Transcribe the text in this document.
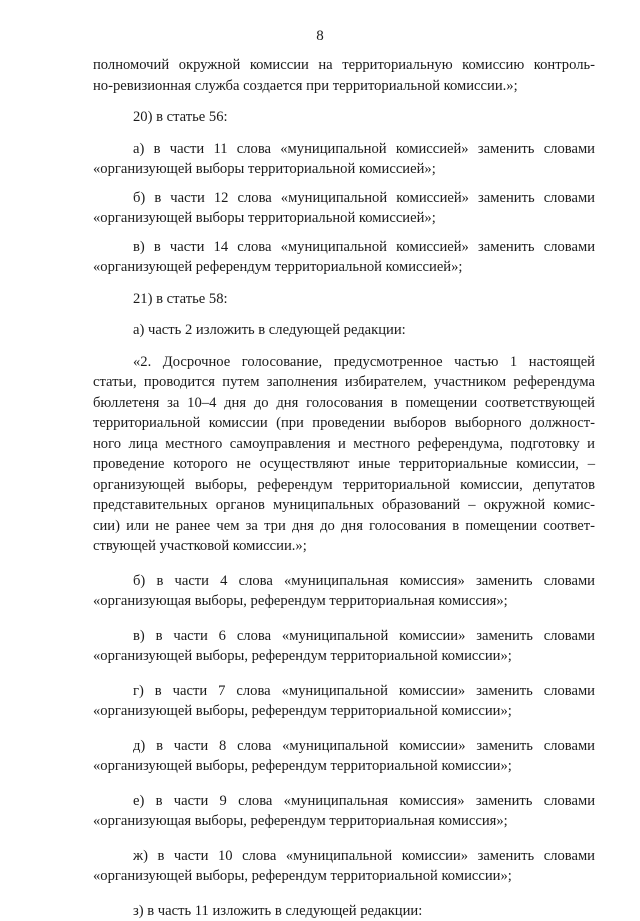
8
полномочий окружной комиссии на территориальную комиссию контроль-
но-ревизионная служба создается при территориальной комиссии.»;
20) в статье 56:
а) в части 11 слова «муниципальной комиссией» заменить словами
«организующей выборы территориальной комиссией»;
б) в части 12 слова «муниципальной комиссией» заменить словами
«организующей выборы территориальной комиссией»;
в) в части 14 слова «муниципальной комиссией» заменить словами
«организующей референдум территориальной комиссией»;
21) в статье 58:
а) часть 2 изложить в следующей редакции:
«2. Досрочное голосование, предусмотренное частью 1 настоящей
статьи, проводится путем заполнения избирателем, участником референдума
бюллетеня за 10–4 дня до дня голосования в помещении соответствующей
территориальной комиссии (при проведении выборов выборного должност-
ного лица местного самоуправления и местного референдума, подготовку и
проведение которого не осуществляют иные территориальные комиссии, –
организующей выборы, референдум территориальной комиссии, депутатов
представительных органов муниципальных образований – окружной комис-
сии) или не ранее чем за три дня до дня голосования в помещении соответ-
ствующей участковой комиссии.»;
б) в части 4 слова «муниципальная комиссия» заменить словами
«организующая выборы, референдум территориальная комиссия»;
в) в части 6 слова «муниципальной комиссии» заменить словами
«организующей выборы, референдум территориальной комиссии»;
г) в части 7 слова «муниципальной комиссии» заменить словами
«организующей выборы, референдум территориальной комиссии»;
д) в части 8 слова «муниципальной комиссии» заменить словами
«организующей выборы, референдум территориальной комиссии»;
е) в части 9 слова «муниципальная комиссия» заменить словами
«организующая выборы, референдум территориальная комиссия»;
ж) в части 10 слова «муниципальной комиссии» заменить словами
«организующей выборы, референдум территориальной комиссии»;
з) в часть 11 изложить в следующей редакции:
